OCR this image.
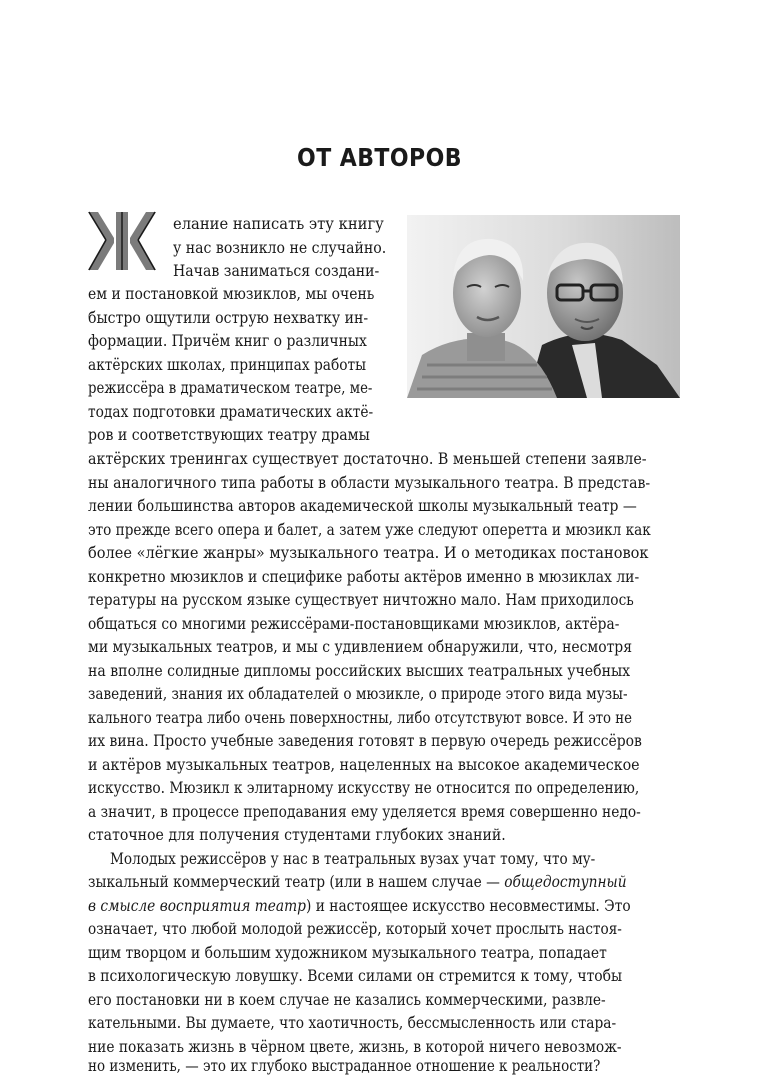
ОТ АВТОРОВ
елание написать эту книгу
у нас возникло не случайно.
Начав заниматься создани-
ем и постановкой мюзиклов, мы очень
быстро ощутили острую нехватку ин-
формации. Причём книг о различных
актёрских школах, принципах работы
режиссёра в драматическом театре, ме-
тодах подготовки драматических актё-
ров и соответствующих театру драмы
актёрских тренингах существует достаточно. В меньшей степени заявле-
ны аналогичного типа работы в области музыкального театра. В представ-
лении большинства авторов академической школы музыкальный театр —
это прежде всего опера и балет, а затем уже следуют оперетта и мюзикл как
более «лёгкие жанры» музыкального театра. И о методиках постановок
конкретно мюзиклов и специфике работы актёров именно в мюзиклах ли-
тературы на русском языке существует ничтожно мало. Нам приходилось
общаться со многими режиссёрами-постановщиками мюзиклов, актёра-
ми музыкальных театров, и мы с удивлением обнаружили, что, несмотря
на вполне солидные дипломы российских высших театральных учебных
заведений, знания их обладателей о мюзикле, о природе этого вида музы-
кального театра либо очень поверхностны, либо отсутствуют вовсе. И это не
их вина. Просто учебные заведения готовят в первую очередь режиссёров
и актёров музыкальных театров, нацеленных на высокое академическое
искусство. Мюзикл к элитарному искусству не относится по определению,
а значит, в процессе преподавания ему уделяется время совершенно недо-
статочное для получения студентами глубоких знаний.
Молодых режиссёров у нас в театральных вузах учат тому, что му-
зыкальный коммерческий театр (или в нашем случае — общедоступный
в смысле восприятия театр) и настоящее искусство несовместимы. Это
означает, что любой молодой режиссёр, который хочет прослыть настоя-
щим творцом и большим художником музыкального театра, попадает
в психологическую ловушку. Всеми силами он стремится к тому, чтобы
его постановки ни в коем случае не казались коммерческими, развле-
кательными. Вы думаете, что хаотичность, бессмысленность или стара-
ние показать жизнь в чёрном цвете, жизнь, в которой ничего невозмож-
но изменить, — это их глубоко выстраданное отношение к реальности?
